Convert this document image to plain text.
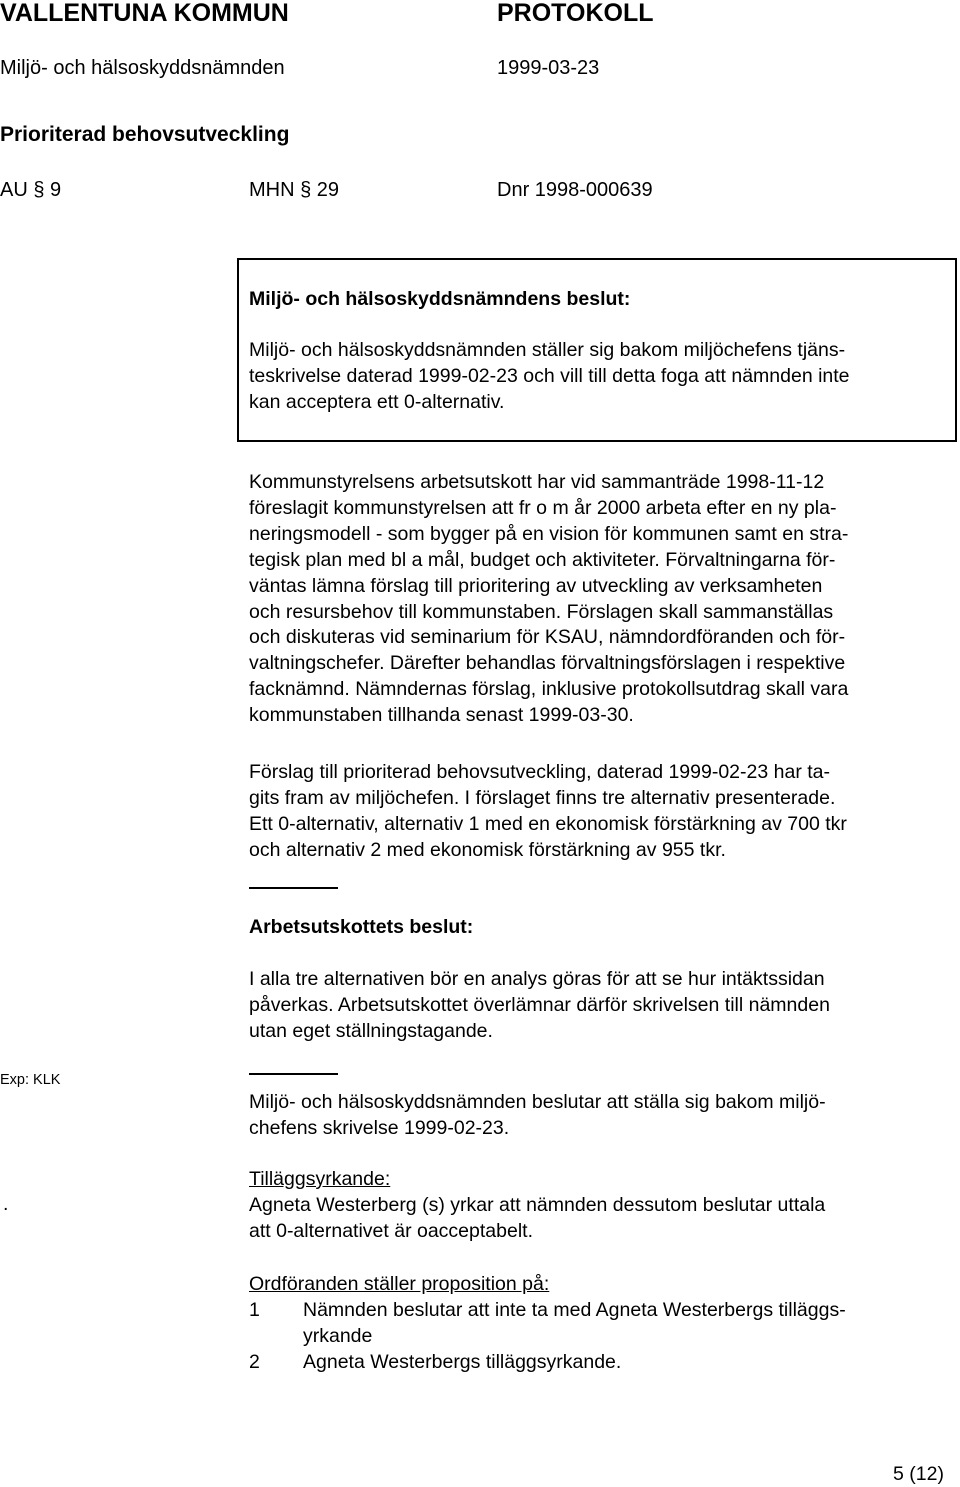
VALLENTUNA KOMMUN	PROTOKOLL
Miljö- och hälsoskyddsnämnden	1999-03-23
Prioriterad behovsutveckling
AU § 9	MHN § 29	Dnr 1998-000639
Miljö- och hälsoskyddsnämndens beslut:
Miljö- och hälsoskyddsnämnden ställer sig bakom miljöchefens tjäns-
teskrivelse daterad 1999-02-23 och vill till detta foga att nämnden inte
kan acceptera ett 0-alternativ.
Kommunstyrelsens arbetsutskott har vid sammanträde 1998-11-12
föreslagit kommunstyrelsen att fr o m år 2000 arbeta efter en ny pla-
neringsmodell - som bygger på en vision för kommunen samt en stra-
tegisk plan med bl a mål, budget och aktiviteter. Förvaltningarna för-
väntas lämna förslag till prioritering av utveckling av verksamheten
och resursbehov till kommunstaben. Förslagen skall sammanställas
och diskuteras vid seminarium för KSAU, nämndordföranden och för-
valtningschefer. Därefter behandlas förvaltningsförslagen i respektive
facknämnd. Nämndernas förslag, inklusive protokollsutdrag skall vara
kommunstaben tillhanda senast 1999-03-30.
Förslag till prioriterad behovsutveckling, daterad 1999-02-23 har ta-
gits fram av miljöchefen. I förslaget finns tre alternativ presenterade.
Ett 0-alternativ, alternativ 1 med en ekonomisk förstärkning av 700 tkr
och alternativ 2 med ekonomisk förstärkning av 955 tkr.
Arbetsutskottets beslut:
I alla tre alternativen bör en analys göras för att se hur intäktssidan
påverkas. Arbetsutskottet överlämnar därför skrivelsen till nämnden
utan eget ställningstagande.
Exp: KLK
.
Miljö- och hälsoskyddsnämnden beslutar att ställa sig bakom miljö-
chefens skrivelse 1999-02-23.
Tilläggsyrkande:
Agneta Westerberg (s) yrkar att nämnden dessutom beslutar uttala
att 0-alternativet är oacceptabelt.
Ordföranden ställer proposition på:
1 Nämnden beslutar att inte ta med Agneta Westerbergs tilläggs-
yrkande
2 Agneta Westerbergs tilläggsyrkande.
5 (12)
